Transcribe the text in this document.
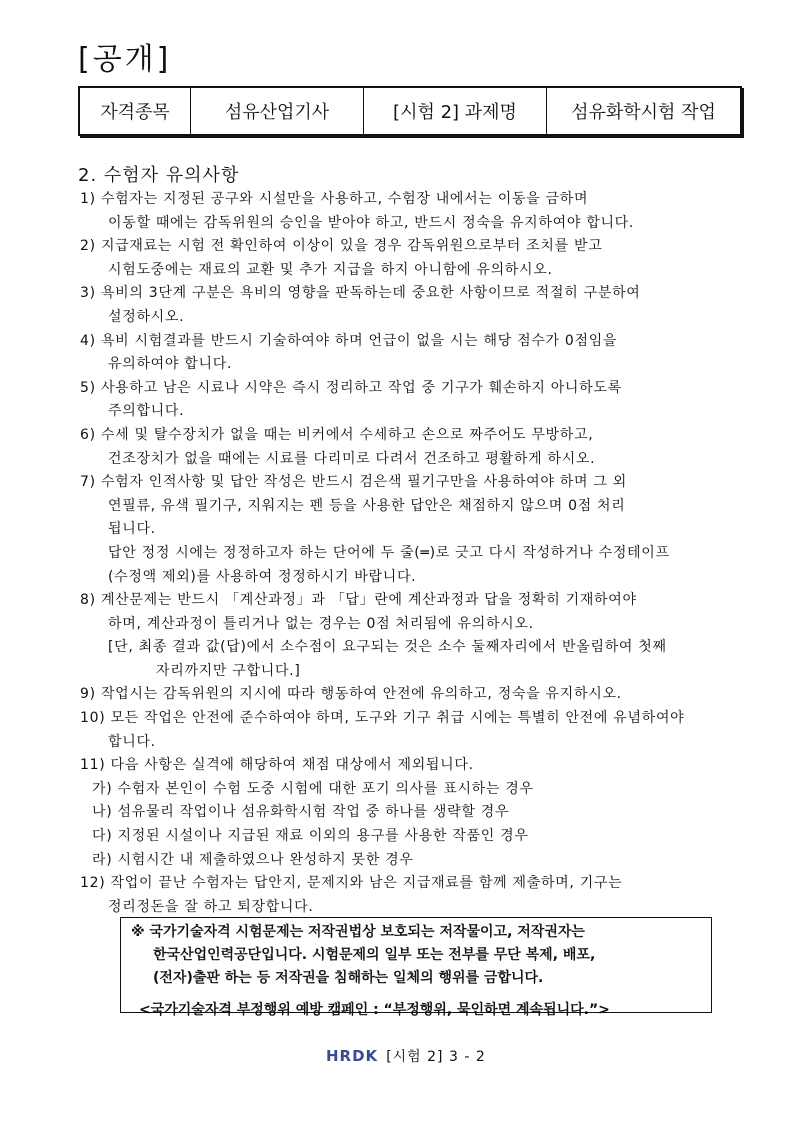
[공개]
자격종목	섬유산업기사	[시험 2] 과제명	섬유화학시험 작업
2. 수험자 유의사항
1) 수험자는 지정된 공구와 시설만을 사용하고, 수험장 내에서는 이동을 금하며
이동할 때에는 감독위원의 승인을 받아야 하고, 반드시 정숙을 유지하여야 합니다.
2) 지급재료는 시험 전 확인하여 이상이 있을 경우 감독위원으로부터 조치를 받고
시험도중에는 재료의 교환 및 추가 지급을 하지 아니함에 유의하시오.
3) 욕비의 3단계 구분은 욕비의 영향을 판독하는데 중요한 사항이므로 적절히 구분하여
설정하시오.
4) 욕비 시험결과를 반드시 기술하여야 하며 언급이 없을 시는 해당 점수가 0점임을
유의하여야 합니다.
5) 사용하고 남은 시료나 시약은 즉시 정리하고 작업 중 기구가 훼손하지 아니하도록
주의합니다.
6) 수세 및 탈수장치가 없을 때는 비커에서 수세하고 손으로 짜주어도 무방하고,
건조장치가 없을 때에는 시료를 다리미로 다려서 건조하고 평활하게 하시오.
7) 수험자 인적사항 및 답안 작성은 반드시 검은색 필기구만을 사용하여야 하며 그 외
연필류, 유색 필기구, 지워지는 펜 등을 사용한 답안은 채점하지 않으며 0점 처리
됩니다.
답안 정정 시에는 정정하고자 하는 단어에 두 줄(═)로 긋고 다시 작성하거나 수정테이프
(수정액 제외)를 사용하여 정정하시기 바랍니다.
8) 계산문제는 반드시 「계산과정」과 「답」란에 계산과정과 답을 정확히 기재하여야
하며, 계산과정이 틀리거나 없는 경우는 0점 처리됨에 유의하시오.
[단, 최종 결과 값(답)에서 소수점이 요구되는 것은 소수 둘째자리에서 반올림하여 첫째
자리까지만 구합니다.]
9) 작업시는 감독위원의 지시에 따라 행동하여 안전에 유의하고, 정숙을 유지하시오.
10) 모든 작업은 안전에 준수하여야 하며, 도구와 기구 취급 시에는 특별히 안전에 유념하여야
합니다.
11) 다음 사항은 실격에 해당하여 채점 대상에서 제외됩니다.
가) 수험자 본인이 수험 도중 시험에 대한 포기 의사를 표시하는 경우
나) 섬유물리 작업이나 섬유화학시험 작업 중 하나를 생략할 경우
다) 지정된 시설이나 지급된 재료 이외의 용구를 사용한 작품인 경우
라) 시험시간 내 제출하였으나 완성하지 못한 경우
12) 작업이 끝난 수험자는 답안지, 문제지와 남은 지급재료를 함께 제출하며, 기구는
정리정돈을 잘 하고 퇴장합니다.
※ 국가기술자격 시험문제는 저작권법상 보호되는 저작물이고, 저작권자는
한국산업인력공단입니다. 시험문제의 일부 또는 전부를 무단 복제, 배포,
(전자)출판 하는 등 저작권을 침해하는 일체의 행위를 금합니다.
<국가기술자격 부정행위 예방 캠페인 : “부정행위, 묵인하면 계속됩니다.”>
HRDK [시험 2] 3 - 2
